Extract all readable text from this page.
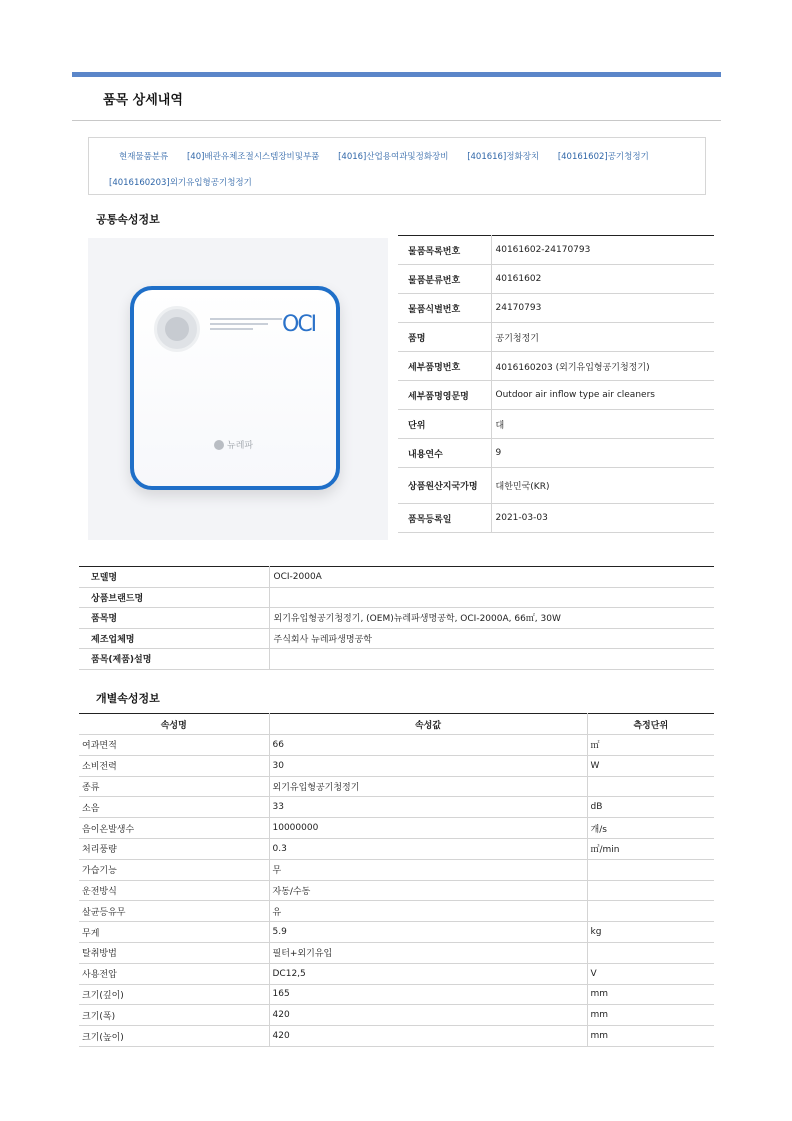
품목 상세내역
현재물품분류 [40]배관유체조절시스템장비및부품 [4016]산업용여과및정화장비 [401616]정화장치 [40161602]공기청정기
[4016160203]외기유입형공기청정기
공통속성정보
OCI
뉴레파
물품목록번호	40161602-24170793
물품분류번호	40161602
물품식별번호	24170793
품명	공기청정기
세부품명번호	4016160203 (외기유입형공기청정기)
세부품명영문명	Outdoor air inflow type air cleaners
단위	대
내용연수	9
상품원산지국가명	대한민국(KR)
품목등록일	2021-03-03
모델명	OCI-2000A
상품브랜드명	
품목명	외기유입형공기청정기, (OEM)뉴레파생명공학, OCI-2000A, 66㎡, 30W
제조업체명	주식회사 뉴레파생명공학
품목(제품)설명	
개별속성정보
속성명	속성값	측정단위
여과면적	66	㎡
소비전력	30	W
종류	외기유입형공기청정기	
소음	33	dB
음이온발생수	10000000	개/s
처리풍량	0.3	㎥/min
가습기능	무	
운전방식	자동/수동	
살균등유무	유	
무게	5.9	kg
탈취방법	필터+외기유입	
사용전압	DC12,5	V
크기(깊이)	165	mm
크기(폭)	420	mm
크기(높이)	420	mm
